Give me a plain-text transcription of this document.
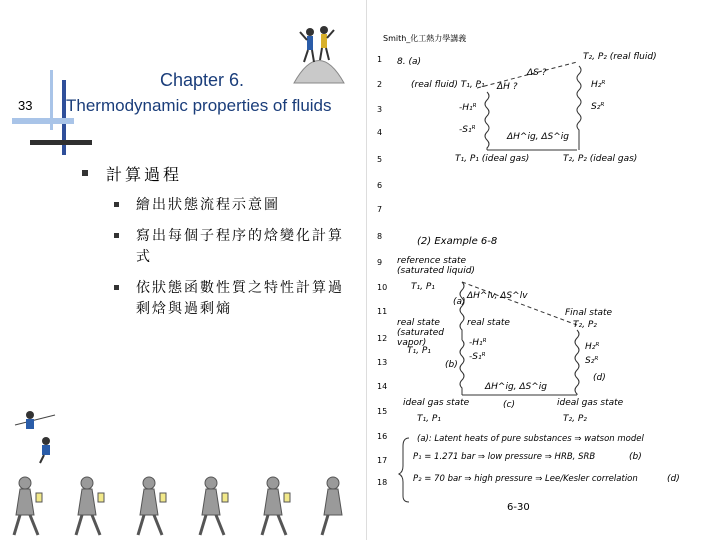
33
Chapter 6.
Thermodynamic properties of fluids
計算過程
繪出狀態流程示意圖
寫出每個子程序的焓變化計算式
依狀態函數性質之特性計算過剩焓與過剩熵
Smith_化工熱力學講義
1
2
3
4
5
6
7
8
9
10
11
12
13
14
15
16
17
18
8. (a)	T₂, P₂ (real fluid)
(real fluid) T₁, P₁
ΔS ?
ΔH ?
-H₁ᴿ
-S₁ᴿ
H₂ᴿ
S₂ᴿ
ΔH^ig, ΔS^ig
T₁, P₁ (ideal gas)	T₂, P₂ (ideal gas)
(2) Example 6-8
reference state (saturated liquid)
T₁, P₁
(a)
ΔH^lv, ΔS^lv
real state
real state (saturated vapor)
T₁, P₁
Final state
T₂, P₂
H₂ᴿ
S₂ᴿ
(d)
-H₁ᴿ
-S₁ᴿ
(b)
ΔH^ig, ΔS^ig
(c)
ideal gas state
T₁, P₁
ideal gas state
T₂, P₂
(a): Latent heats of pure substances ⇒ watson model
P₁ = 1.271 bar ⇒ low pressure ⇒ HRB, SRB	(b)
P₂ = 70 bar ⇒ high pressure ⇒ Lee/Kesler correlation	(d)
6-30
